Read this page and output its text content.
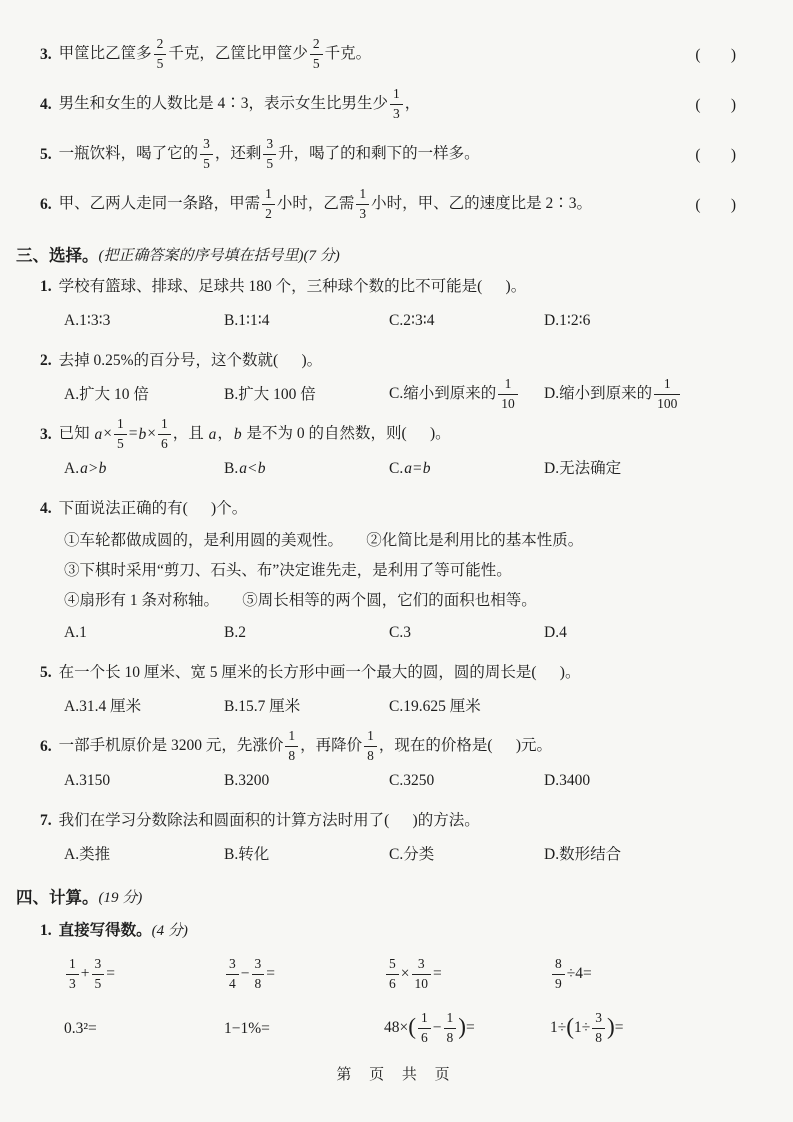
3. 甲筐比乙筐多 $\frac{2}{5}$ 千克，乙筐比甲筐少 $\frac{2}{5}$ 千克。	(      )
4. 男生和女生的人数比是 4∶3，表示女生比男生少 $\frac{1}{3}$ ，	(      )
5. 一瓶饮料，喝了它的 $\frac{3}{5}$ ，还剩 $\frac{3}{5}$ 升，喝了的和剩下的一样多。	(      )
6. 甲、乙两人走同一条路，甲需 $\frac{1}{2}$ 小时，乙需 $\frac{1}{3}$ 小时，甲、乙的速度比是 2∶3。	(      )
三、选择。 (把正确答案的序号填在括号里) (7 分)
1. 学校有篮球、排球、足球共 180 个，三种球个数的比不可能是(      )。
A.1∶3∶3	B.1∶1∶4	C.2∶3∶4	D.1∶2∶6
2. 去掉 0.25%的百分号，这个数就(      )。
A.扩大 10 倍	B.扩大 100 倍	C.缩小到原来的 $\frac{1}{10} D$.缩小到原来的 $\frac{1}{100}$
3. 已知 $a\times \frac{1}{5} =b\times \frac{1}{6}$ ，且 a，b 是不为 0 的自然数，则(      )。
A.a>b	B.a<b	C.a=b	D.无法确定
4. 下面说法正确的有(      )个。
①车轮都做成圆的，是利用圆的美观性。      ②化简比是利用比的基本性质。
③下棋时采用“剪刀、石头、布”决定谁先走，是利用了等可能性。
④扇形有 1 条对称轴。      ⑤周长相等的两个圆，它们的面积也相等。
A.1	B.2	C.3	D.4
5. 在一个长 10 厘米、宽 5 厘米的长方形中画一个最大的圆，圆的周长是(      )。
A.31.4 厘米	B.15.7 厘米	C.19.625 厘米
6. 一部手机原价是 3200 元，先涨价 $\frac{1}{8}$ ，再降价 $\frac{1}{8}$ ，现在的价格是(      )元。
A.3150	B.3200	C.3250	D.3400
7. 我们在学习分数除法和圆面积的计算方法时用了(      )的方法。
A.类推	B.转化	C.分类	D.数形结合
四、计算。 (19 分)
1. 直接写得数。 (4 分)
$\frac{1}{3} + \frac{3}{5}$ =	$\frac{3}{4} - \frac{3}{8}$ =	$\frac{5}{6} \times \frac{3}{10}$ =	$\frac{8}{9} \div 4=$
0.3²=	1−1%=	$48\times( \frac{1}{6} - \frac{1}{8}$ )=	$1\div(1\div \frac{3}{8}$ )=
第 页 共 页
